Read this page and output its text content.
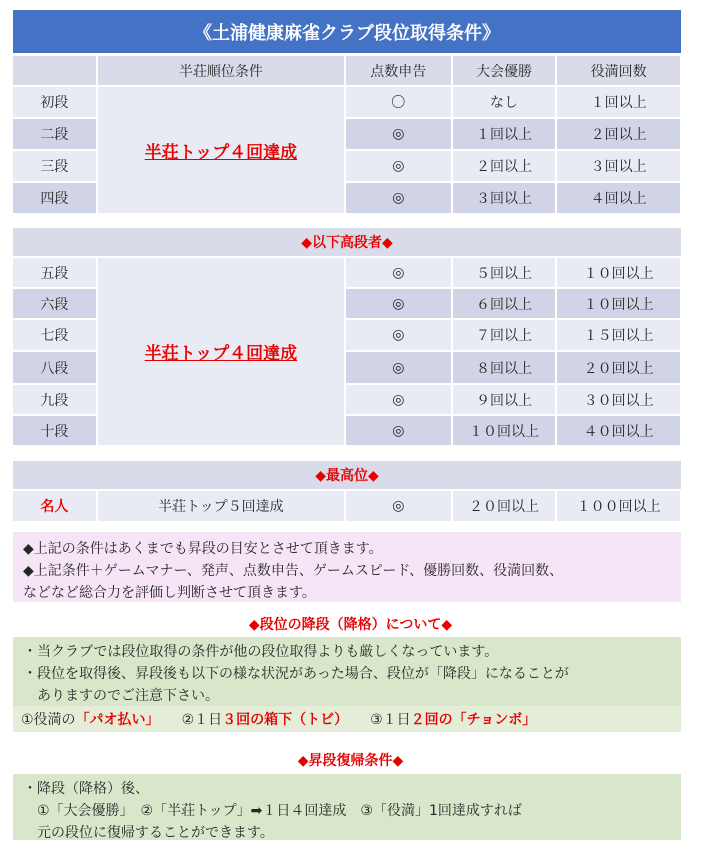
《土浦健康麻雀クラブ段位取得条件》
	半荘順位条件	点数申告	大会優勝	役満回数
初段	半荘トップ４回達成	〇	なし	１回以上
二段		◎	１回以上	２回以上
三段		◎	２回以上	３回以上
四段		◎	３回以上	４回以上
◆以下高段者◆
五段	半荘トップ４回達成	◎	５回以上	１０回以上
六段		◎	６回以上	１０回以上
七段		◎	７回以上	１５回以上
八段		◎	８回以上	２０回以上
九段		◎	９回以上	３０回以上
十段		◎	１０回以上	４０回以上
◆最高位◆
名人	半荘トップ５回達成	◎	２０回以上	１００回以上
◆上記の条件はあくまでも昇段の目安とさせて頂きます。
◆上記条件＋ゲームマナー、発声、点数申告、ゲームスピード、優勝回数、役満回数、
などなど総合力を評価し判断させて頂きます。
◆段位の降段（降格）について◆
・当クラブでは段位取得の条件が他の段位取得よりも厳しくなっています。
・段位を取得後、昇段後も以下の様な状況があった場合、段位が「降段」になることが
　ありますのでご注意下さい。
①役満の 「パオ払い」 ②１日 ３回の箱下（トビ） ③１日 ２回の「チョンボ」
◆昇段復帰条件◆
・降段（降格）後、
　①「大会優勝」　②「半荘トップ」➡１日４回達成　③「役満」1回達成すれば
　元の段位に復帰することができます。
